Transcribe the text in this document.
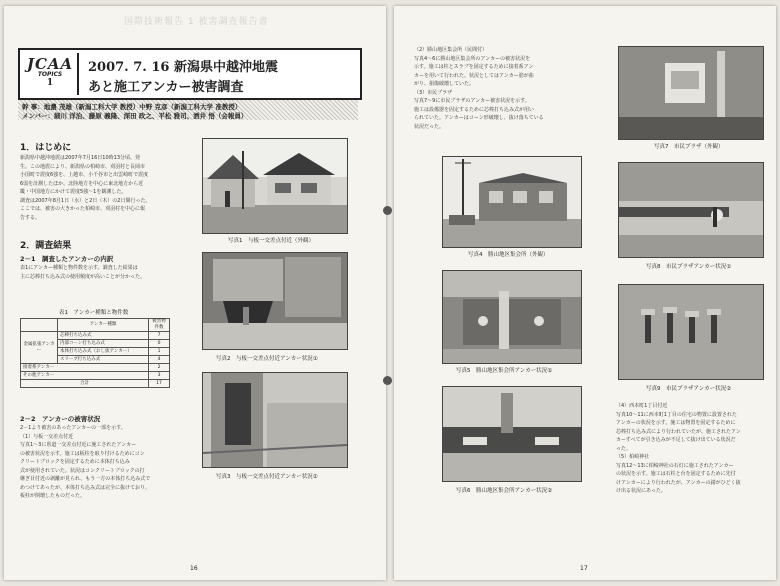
国際技術報告 1 被害調査報告書
JCAA
TOPICS
1
2007. 7. 16 新潟県中越沖地震
あと施工アンカー被害調査
幹 事：地濃 茂雄（新潟工科大学 教授）中野 克彦（新潟工科大学 准教授）
メンバー：細川 洋治、藤原 義隆、深田 政之、平松 雅司、酒井 悟（会報員）
1．はじめに

新潟県中越沖地震は2007年7月16日10時13分頃、発

生。この地震により、新潟県の柏崎市、刈羽村と長岡市

小国町で震度6強を、上越市、小千谷市と出雲崎町で震度

6弱を計測したほか、北陸地方を中心に東北地方から近

畿・中国地方にかけて震度5強～1を観測した。

調査は2007年8月1日（水）と2日（木）の2日間行った。

ここでは、被害の大きかった柏崎市、刈羽村を中心に報

告する。

2．調査結果
2－1　調査したアンカーの内訳

表1にアンカー種類と物件数を示す。調査した結果は

主に芯棒打ち込み式の使用頻度が高いことが分かった。

表1　アンカー種類と物件数
	アンカー種類	被害物件数
金属拡張アンカー	芯棒打ち込み式	7
	内部コーン打ち込み式	0
	本体打ち込み式（おし抜アンカー）	1
	スリーブ打ち込み式	4
接着系アンカー		2
その他アンカー		3
合計		17
2－2　アンカーの被害状況

2－1より被害のあったアンカーの一部を示す。

（1）与板一交差点付近

写真1～3に県道一交差点付近に施工されたアンカー

の被害状況を示す。施工は板柱を取り付けるためにコン

クリートブロックを固定するために本体打ち込み

式が使用されていた。状況はコンクリートブロックの打

継ぎ目付近の剥離が見られ、もう一方の本体打ち込み式で

めつけてあったが、本体打ち込み式は完全に抜けており、

板柱が倒壊したものだった。

写真1　与板一交差点付近（外観）
写真2　与板一交差点付近アンカー状況①
写真3　与板一交差点付近アンカー状況②
16

（2）勝山地区集会所（民間付）

写真4～6に勝山地区集会所のアンカーの被害状況を

示す。施工は柱とスラブを固定するために接着系アン

カーを用いて行われた。状況としてはアンカー筋が曲

がり、損傷破壊していた。

（3）市民プラザ

写真7～9に市民プラザのアンカー被害状況を示す。

施工は設備器を固定するために芯棒打ち込み式が用い

られていた。アンカーはコーン形破壊し、抜け落ちている

状況だった。

写真4　勝山地区集会所（外観）
写真5　勝山地区集会所アンカー状況①
写真6　勝山地区集会所アンカー状況②
写真7　市民プラザ（外観）
写真8　市民プラザアンカー状況①
写真9　市民プラザアンカー状況②

（4）西本町1丁目付近

写真10～11に西本町1丁目の住宅の物置に設置された

アンカーの状況を示す。施工は物置を固定するために

芯棒打ち込み式により行われていたが、施工されたアン

カーすべてが引き込みが不足して抜け出ている状況だ

った。

（5）柏崎神社

写真12～13に柏崎神社の石灯に施工されたアンカー

の状況を示す。施工は石柱と台を固定するために先付

けアンカーにより行われたが、アンカーの錆がひどく抜

け出る状況にあった。

17
